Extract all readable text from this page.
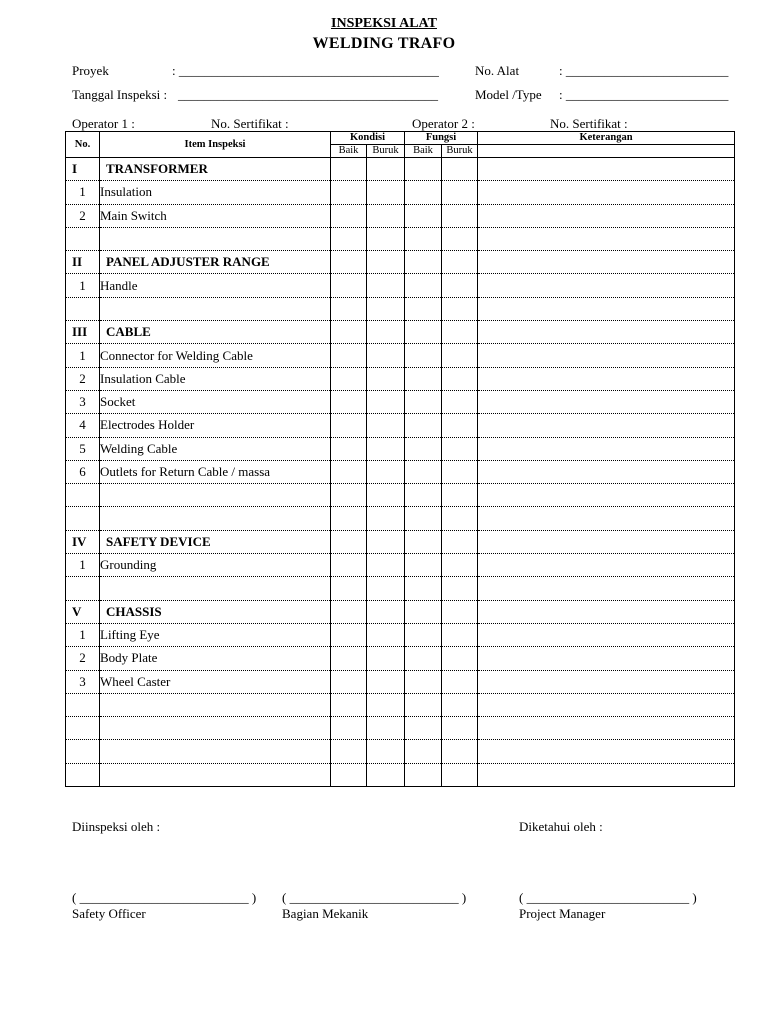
INSPEKSI ALAT
WELDING TRAFO
Proyek	: ________________________________________	No. Alat	: _________________________
Tanggal Inspeksi : ________________________________________	Model /Type : _________________________
Operator 1 :	No. Sertifikat :	Operator 2 :	No. Sertifikat :
No.	Item Inspeksi	Kondisi		Fungsi		Keterangan
		Baik	Buruk	Baik	Buruk	
I	TRANSFORMER					
1	Insulation					
2	Main Switch					

II	PANEL ADJUSTER RANGE					
1	Handle					

III	CABLE					
1	Connector for Welding Cable					
2	Insulation Cable					
3	Socket					
4	Electrodes Holder					
5	Welding Cable					
6	Outlets for Return Cable / massa					

IV	SAFETY DEVICE					
1	Grounding					

V	CHASSIS					
1	Lifting Eye					
2	Body Plate					
3	Wheel Caster					

Diinspeksi oleh :	Diketahui oleh :
( __________________________ ) ( __________________________ )	( _________________________ )
Safety Officer	Bagian Mekanik	Project Manager
